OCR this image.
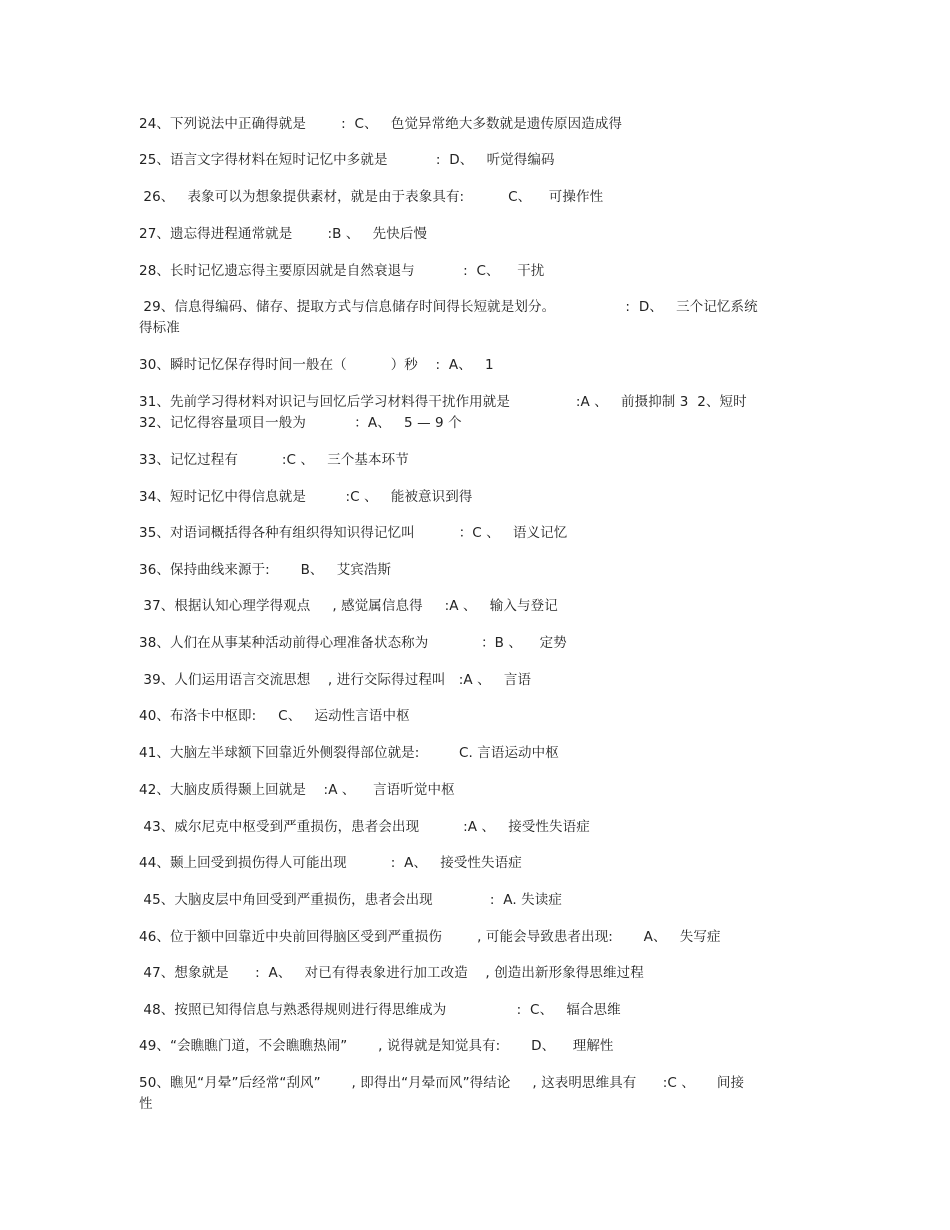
24、下列说法中正确得就是        :  C、   色觉异常绝大多数就是遗传原因造成得
25、语言文字得材料在短时记忆中多就是           :  D、   听觉得编码
26、   表象可以为想象提供素材，就是由于表象具有:          C、    可操作性
27、遗忘得进程通常就是        :B 、   先快后慢
28、长时记忆遗忘得主要原因就是自然衰退与           :  C、    干扰
29、信息得编码、储存、提取方式与信息储存时间得长短就是划分。                :  D、   三个记忆系统
得标准
30、瞬时记忆保存得时间一般在（          ）秒    :  A、   1
31、先前学习得材料对识记与回忆后学习材料得干扰作用就是               :A 、   前摄抑制 3  2、短时
32、记忆得容量项目一般为           ：A、   5 — 9 个
33、记忆过程有          :C 、   三个基本环节
34、短时记忆中得信息就是         :C 、   能被意识到得
35、对语词概括得各种有组织得知识得记忆叫          ：C 、   语义记忆
36、保持曲线来源于:       B、   艾宾浩斯
37、根据认知心理学得观点     , 感觉属信息得     :A 、   输入与登记
38、人们在从事某种活动前得心理准备状态称为            ：B 、    定势
39、人们运用语言交流思想    , 进行交际得过程叫   :A 、   言语
40、布洛卡中枢即:     C、   运动性言语中枢
41、大脑左半球额下回靠近外侧裂得部位就是:         C. 言语运动中枢
42、大脑皮质得颞上回就是    :A 、    言语听觉中枢
43、威尔尼克中枢受到严重损伤，患者会出现          :A 、   接受性失语症
44、颞上回受到损伤得人可能出现          :  A、   接受性失语症
45、大脑皮层中角回受到严重损伤，患者会出现             :  A. 失读症
46、位于额中回靠近中央前回得脑区受到严重损伤        , 可能会导致患者出现:       A、   失写症
47、想象就是      :  A、   对已有得表象进行加工改造    , 创造出新形象得思维过程
48、按照已知得信息与熟悉得规则进行得思维成为                :  C、   辐合思维
49、“会瞧瞧门道，不会瞧瞧热闹”       , 说得就是知觉具有:       D、    理解性
50、瞧见“月晕”后经常“刮风”       , 即得出“月晕而风”得结论     , 这表明思维具有      :C 、     间接
性
